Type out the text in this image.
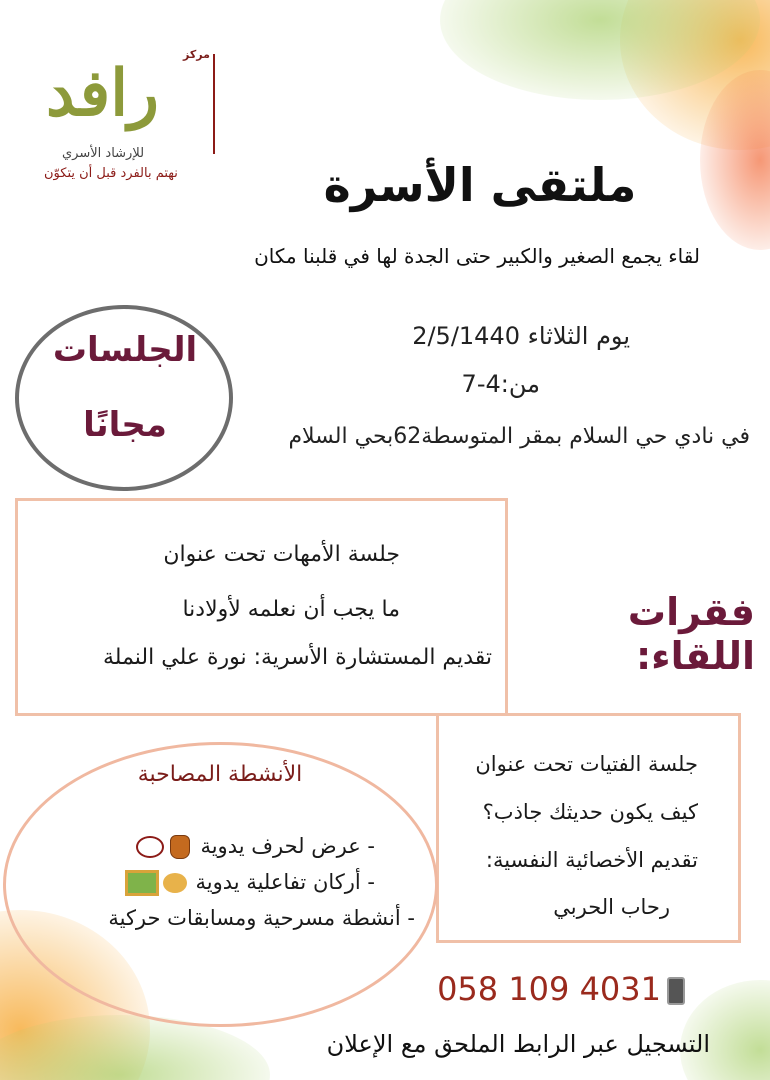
مركز
رافد
للإرشاد الأسري
نهتم بالفرد قبل أن يتكوّن	ملتقى الأسرة
لقاء يجمع الصغير والكبير حتى الجدة لها في قلبنا مكان
الجلسات
مجانًا
يوم الثلاثاء 2/5/1440
من:4-7
في نادي حي السلام بمقر المتوسطة62بحي السلام
جلسة الأمهات تحت عنوان
ما يجب أن نعلمه لأولادنا
تقديم المستشارة الأسرية: نورة علي النملة
فقرات اللقاء:
جلسة الفتيات تحت عنوان
كيف يكون حديثك جاذب؟
تقديم الأخصائية النفسية:
رحاب الحربي
الأنشطة المصاحبة
- عرض لحرف يدوية
- أركان تفاعلية يدوية
- أنشطة مسرحية ومسابقات حركية
058 109 4031
التسجيل عبر الرابط الملحق مع الإعلان
